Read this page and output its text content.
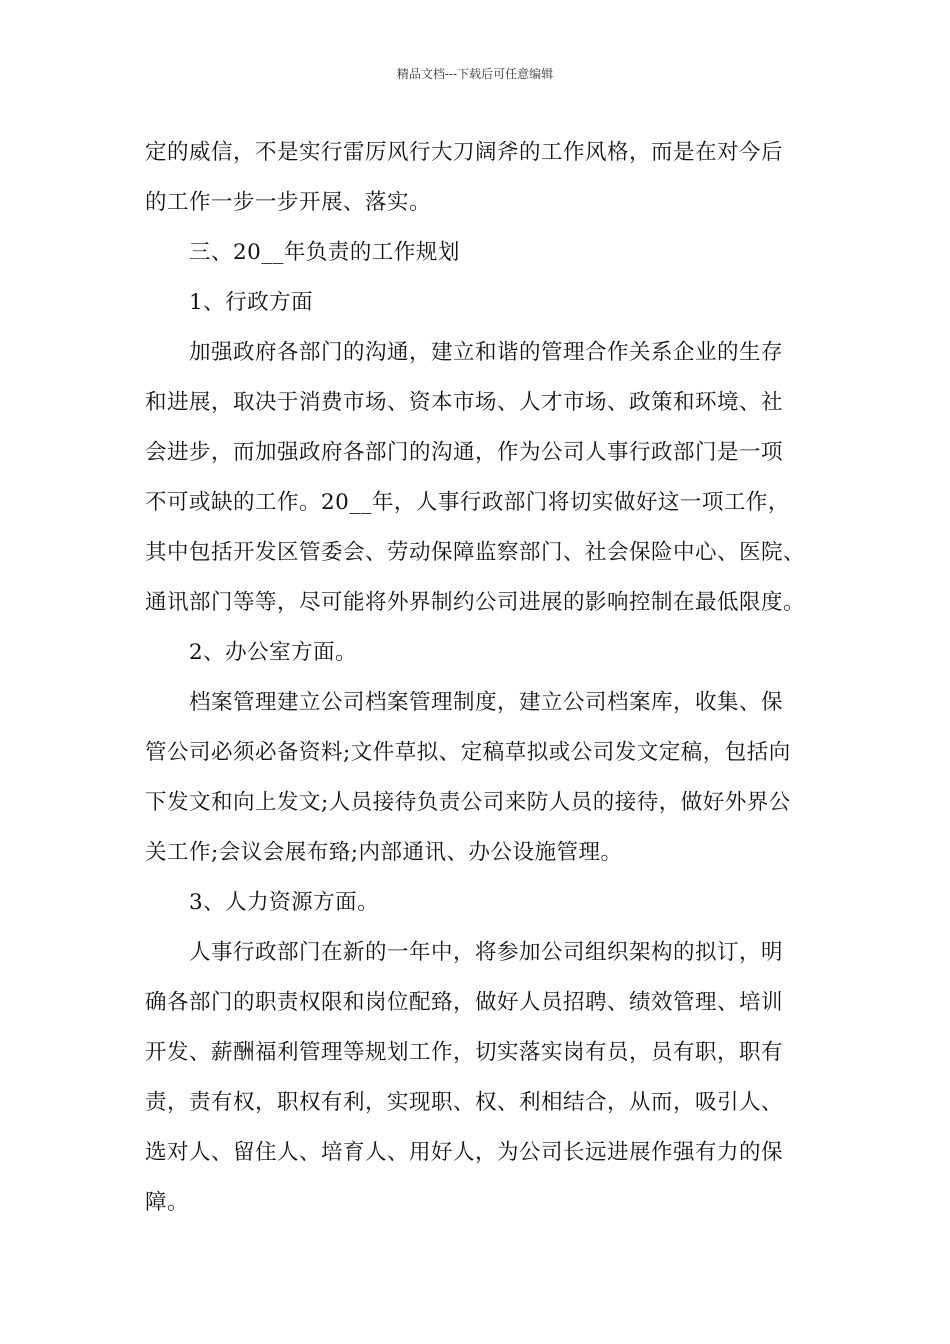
精品文档---下载后可任意编辑
定的威信，不是实行雷厉风行大刀阔斧的工作风格，而是在对今后
的工作一步一步开展、落实。
三、20__年负责的工作规划
1、行政方面
加强政府各部门的沟通，建立和谐的管理合作关系企业的生存
和进展，取决于消费市场、资本市场、人才市场、政策和环境、社
会进步，而加强政府各部门的沟通，作为公司人事行政部门是一项
不可或缺的工作。20__年，人事行政部门将切实做好这一项工作，
其中包括开发区管委会、劳动保障监察部门、社会保险中心、医院、
通讯部门等等，尽可能将外界制约公司进展的影响控制在最低限度。
2、办公室方面。
档案管理建立公司档案管理制度，建立公司档案库，收集、保
管公司必须必备资料;文件草拟、定稿草拟或公司发文定稿，包括向
下发文和向上发文;人员接待负责公司来防人员的接待，做好外界公
关工作;会议会展布臵;内部通讯、办公设施管理。
3、人力资源方面。
人事行政部门在新的一年中，将参加公司组织架构的拟订，明
确各部门的职责权限和岗位配臵，做好人员招聘、绩效管理、培训
开发、薪酬福利管理等规划工作，切实落实岗有员，员有职，职有
责，责有权，职权有利，实现职、权、利相结合，从而，吸引人、
选对人、留住人、培育人、用好人，为公司长远进展作强有力的保
障。
